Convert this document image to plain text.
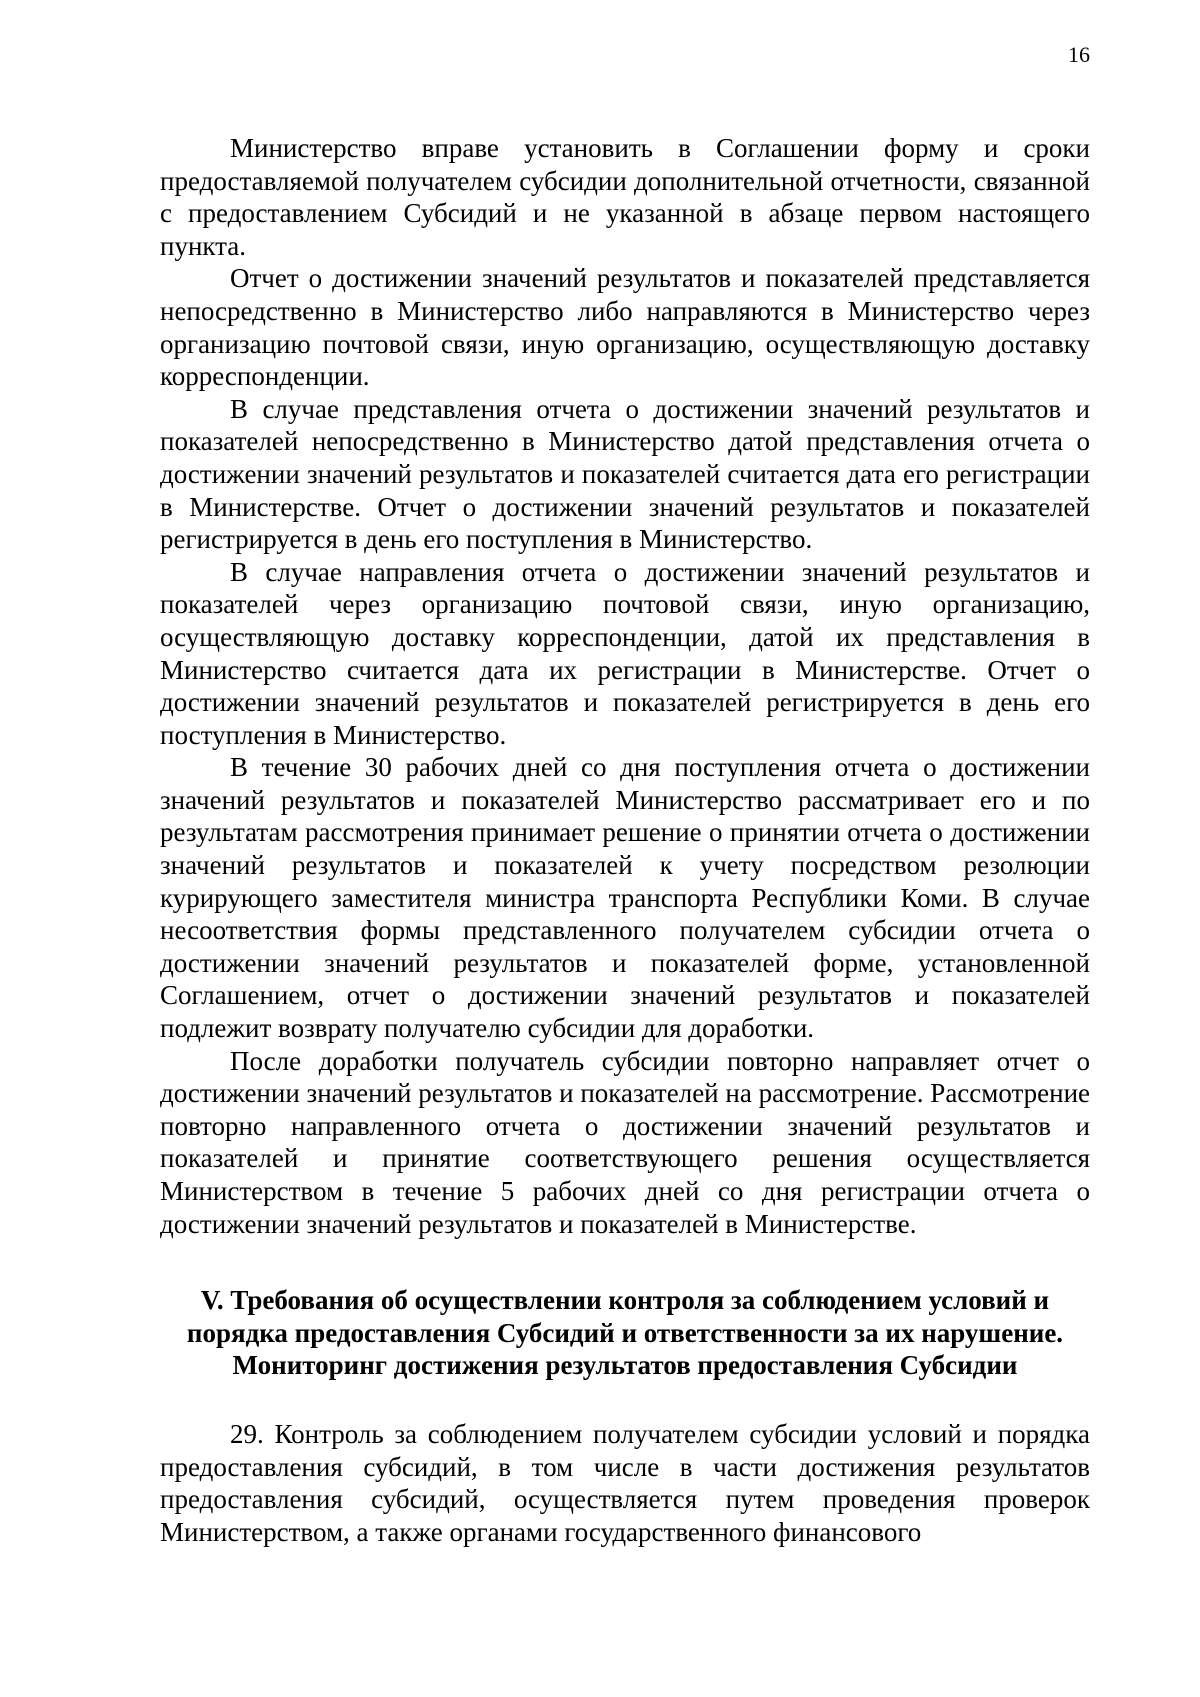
16

Министерство вправе установить в Соглашении форму и сроки предоставляемой получателем субсидии дополнительной отчетности, связанной с предоставлением Субсидий и не указанной в абзаце первом настоящего пункта.

Отчет о достижении значений результатов и показателей представляется непосредственно в Министерство либо направляются в Министерство через организацию почтовой связи, иную организацию, осуществляющую доставку корреспонденции.

В случае представления отчета о достижении значений результатов и показателей непосредственно в Министерство датой представления отчета о достижении значений результатов и показателей считается дата его регистрации в Министерстве. Отчет о достижении значений результатов и показателей регистрируется в день его поступления в Министерство.

В случае направления отчета о достижении значений результатов и показателей через организацию почтовой связи, иную организацию, осуществляющую доставку корреспонденции, датой их представления в Министерство считается дата их регистрации в Министерстве. Отчет о достижении значений результатов и показателей регистрируется в день его поступления в Министерство.

В течение 30 рабочих дней со дня поступления отчета о достижении значений результатов и показателей Министерство рассматривает его и по результатам рассмотрения принимает решение о принятии отчета о достижении значений результатов и показателей к учету посредством резолюции курирующего заместителя министра транспорта Республики Коми. В случае несоответствия формы представленного получателем субсидии отчета о достижении значений результатов и показателей форме, установленной Соглашением, отчет о достижении значений результатов и показателей подлежит возврату получателю субсидии для доработки.

После доработки получатель субсидии повторно направляет отчет о достижении значений результатов и показателей на рассмотрение. Рассмотрение повторно направленного отчета о достижении значений результатов и показателей и принятие соответствующего решения осуществляется Министерством в течение 5 рабочих дней со дня регистрации отчета о достижении значений результатов и показателей в Министерстве.

V. Требования об осуществлении контроля за соблюдением условий и
порядка предоставления Субсидий и ответственности за их нарушение.
Мониторинг достижения результатов предоставления Субсидии

29. Контроль за соблюдением получателем субсидии условий и порядка предоставления субсидий, в том числе в части достижения результатов предоставления субсидий, осуществляется путем проведения проверок Министерством, а также органами государственного финансового
